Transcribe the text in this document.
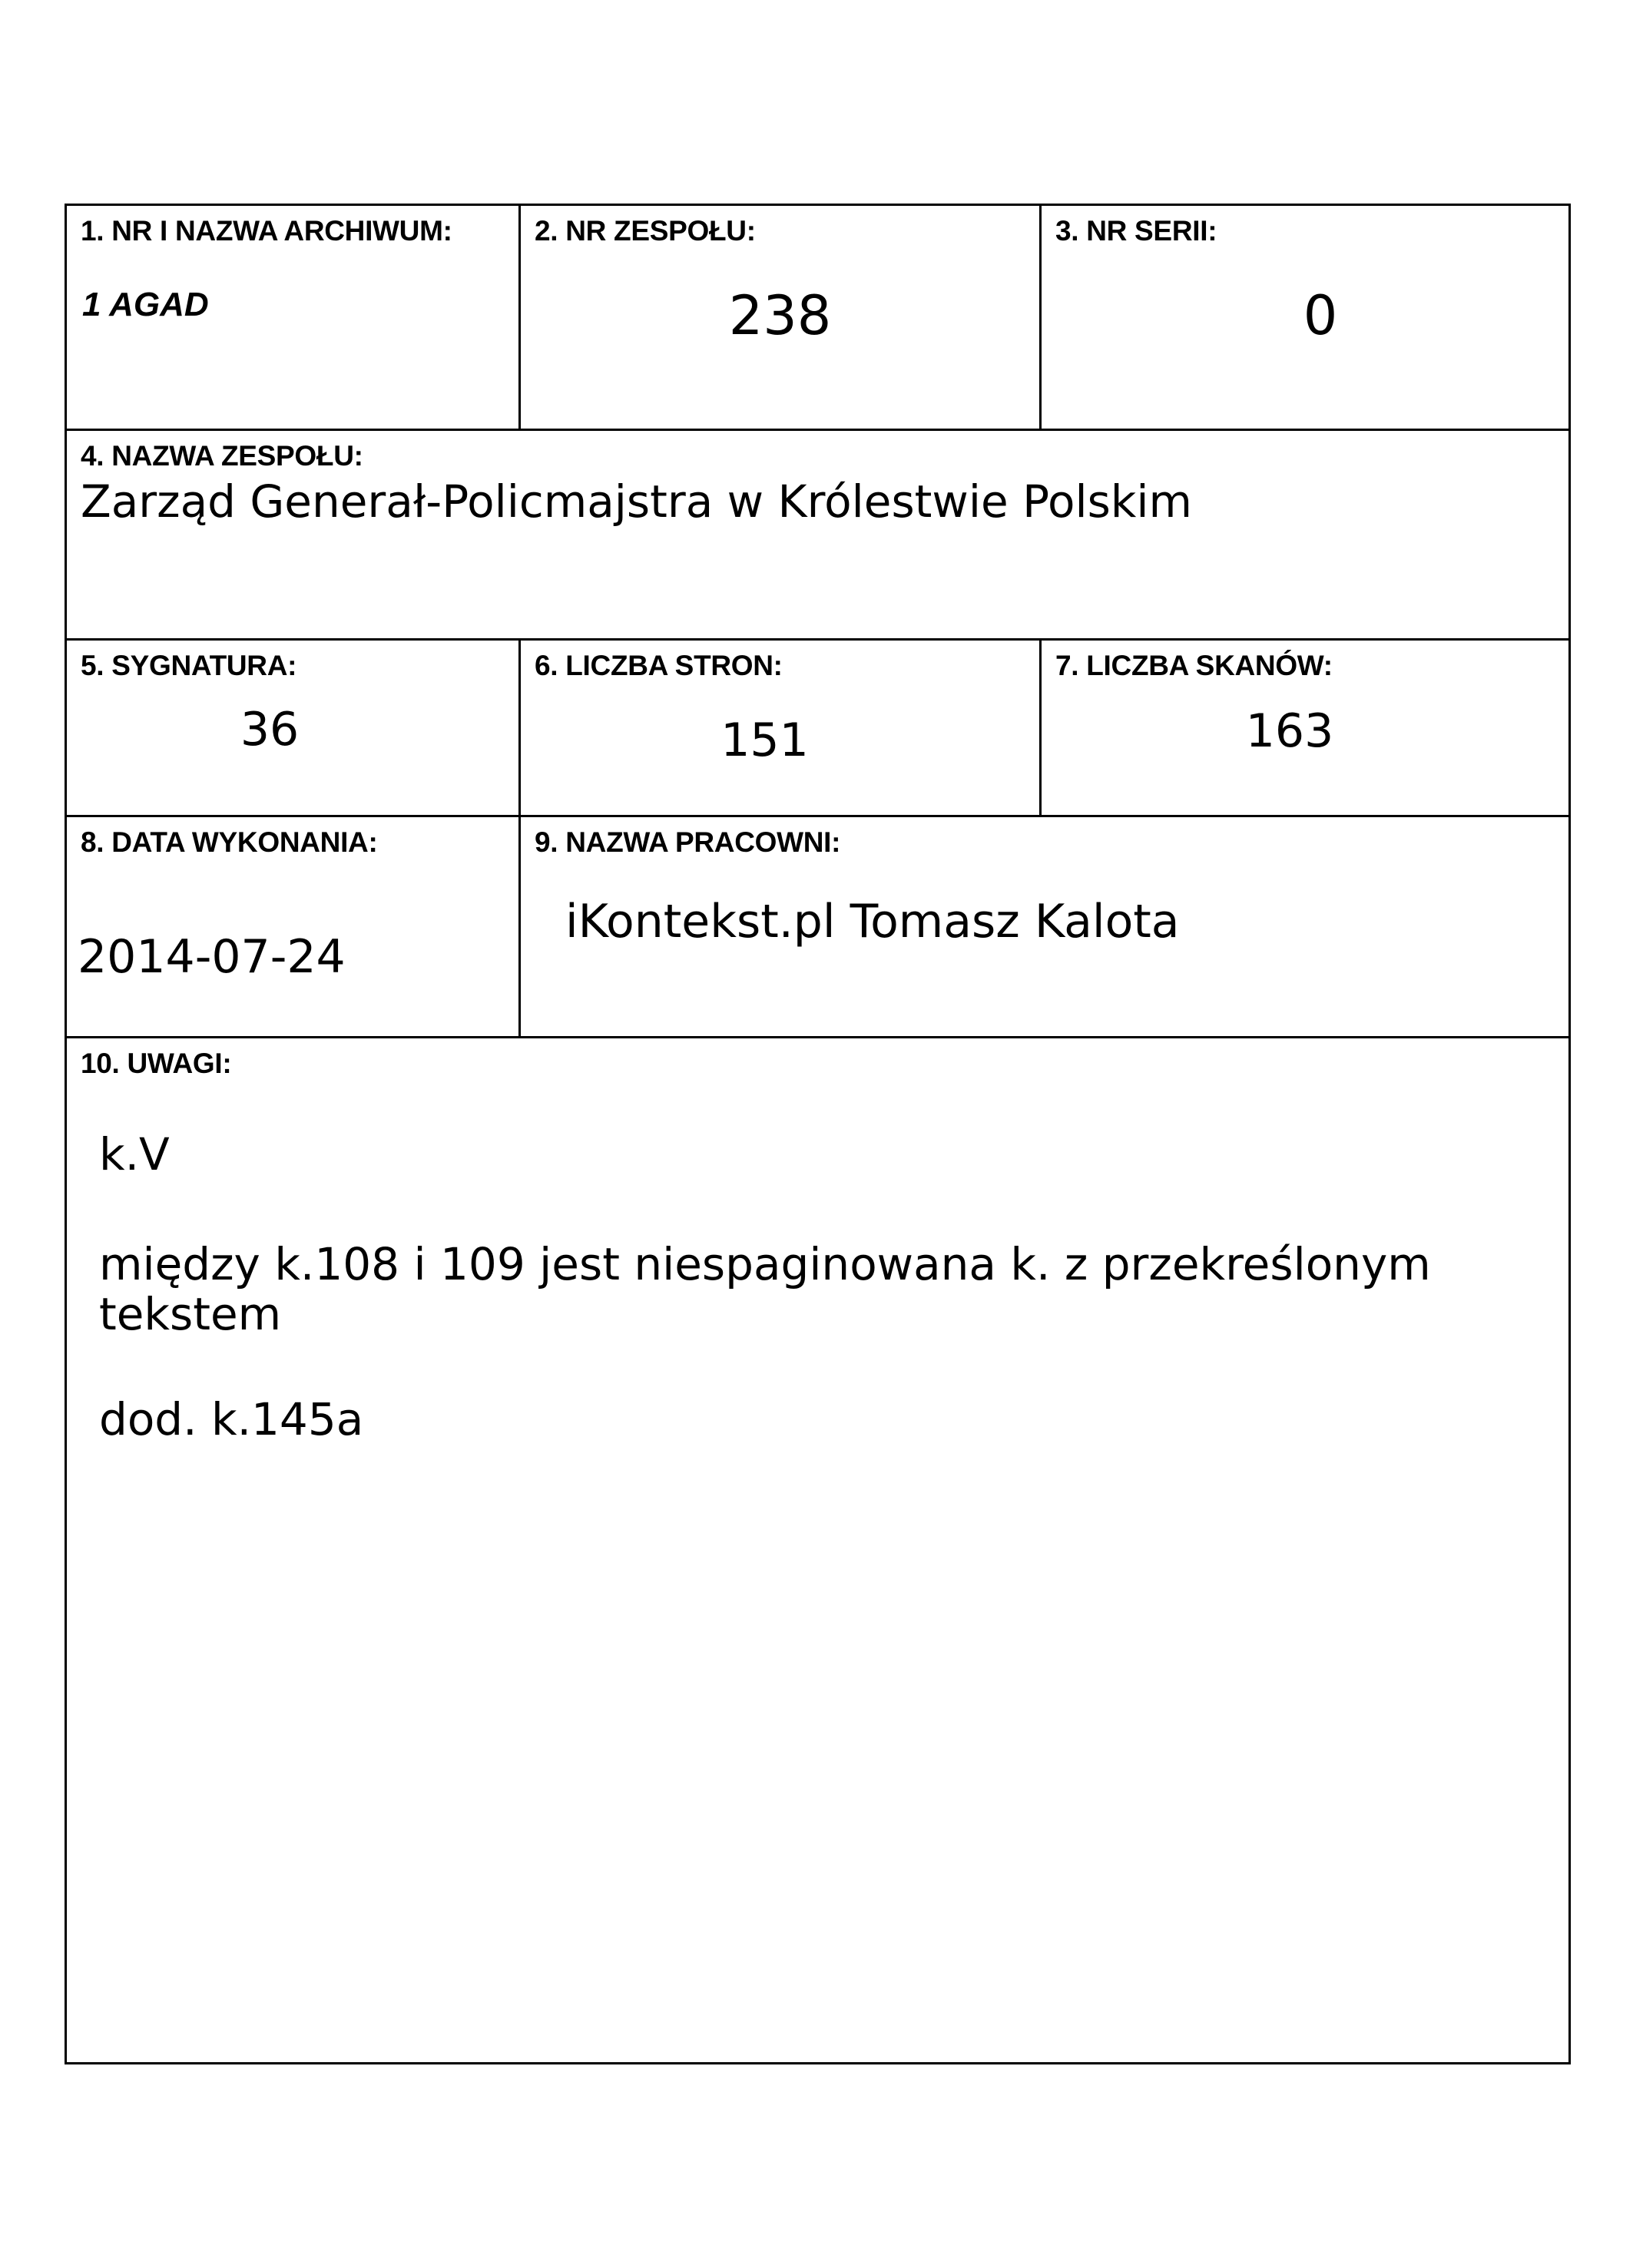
1. NR I NAZWA ARCHIWUM:
1 AGAD

2. NR ZESPOŁU:
238

3. NR SERII:
0

4. NAZWA ZESPOŁU:
Zarząd Generał-Policmajstra w Królestwie Polskim		

5. SYGNATURA:
36

6. LICZBA STRON:
151

7. LICZBA SKANÓW:
163

8. DATA WYKONANIA:
2014-07-24

9. NAZWA PRACOWNI:
iKontekst.pl Tomasz Kalota

10. UWAGI:
k.V
między k.108 i 109 jest niespaginowana k. z przekreślonym tekstem
dod. k.145a		
